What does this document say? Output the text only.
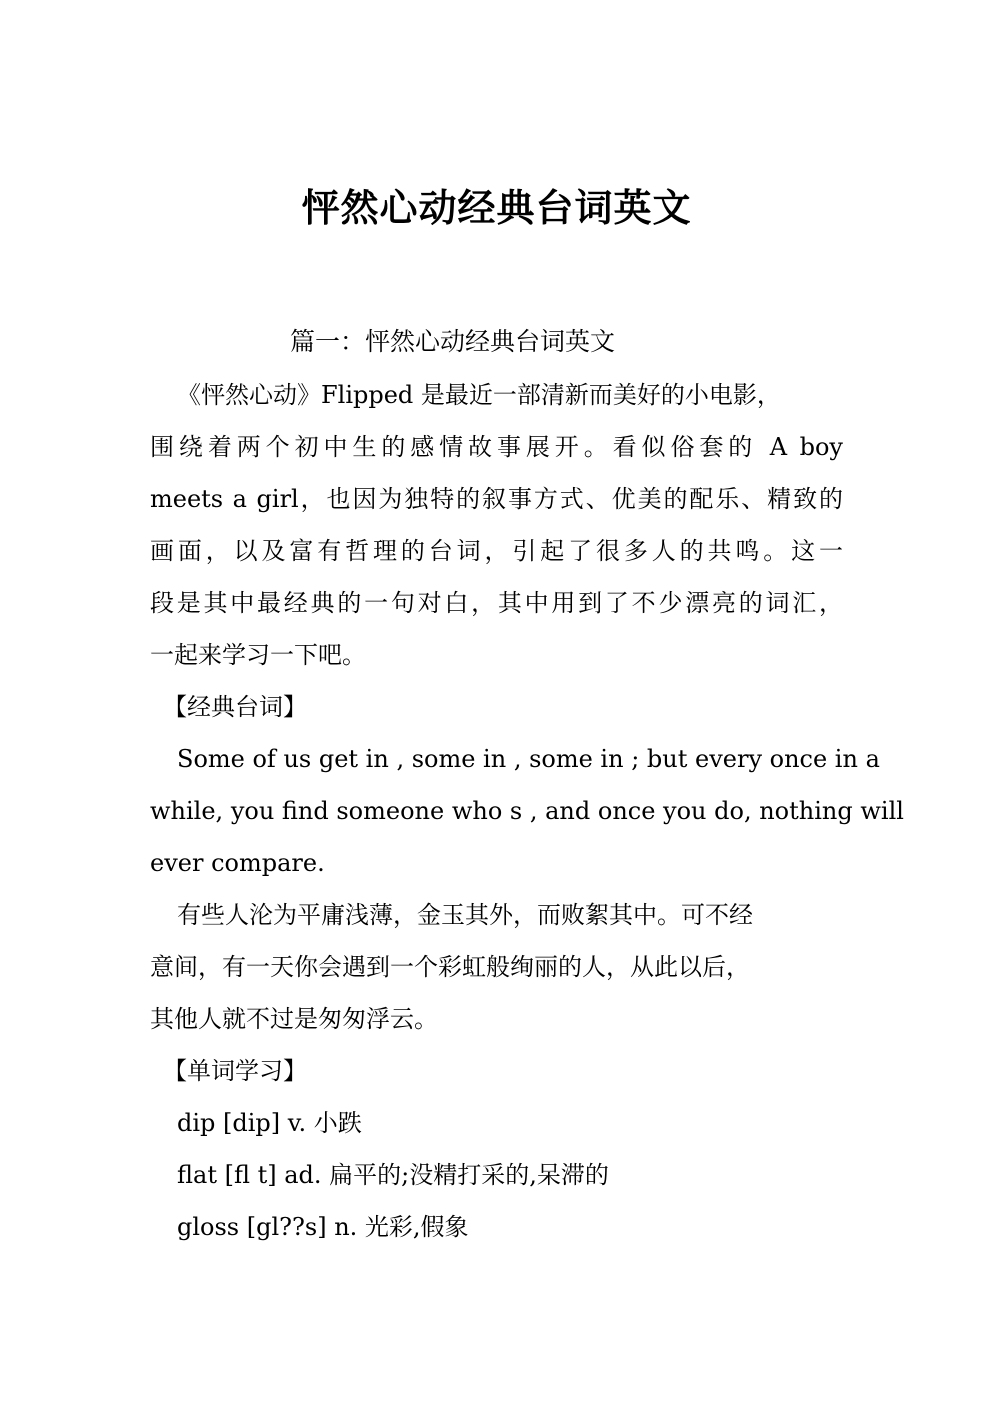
怦然心动经典台词英文
篇一：怦然心动经典台词英文
《怦然心动》Flipped 是最近一部清新而美好的小电影，
围绕着两个初中生的感情故事展开。看似俗套的 A boy
meets a girl，也因为独特的叙事方式、优美的配乐、精致的
画面，以及富有哲理的台词，引起了很多人的共鸣。这一
段是其中最经典的一句对白，其中用到了不少漂亮的词汇，
一起来学习一下吧。
【经典台词】
Some of us get in , some in , some in ; but every once in a
while, you find someone who s , and once you do, nothing will
ever compare.
有些人沦为平庸浅薄，金玉其外，而败絮其中。可不经
意间，有一天你会遇到一个彩虹般绚丽的人，从此以后，
其他人就不过是匆匆浮云。
【单词学习】
dip [dip] v. 小跌
flat [fl t] ad. 扁平的;没精打采的,呆滞的
gloss [gl??s] n. 光彩,假象
